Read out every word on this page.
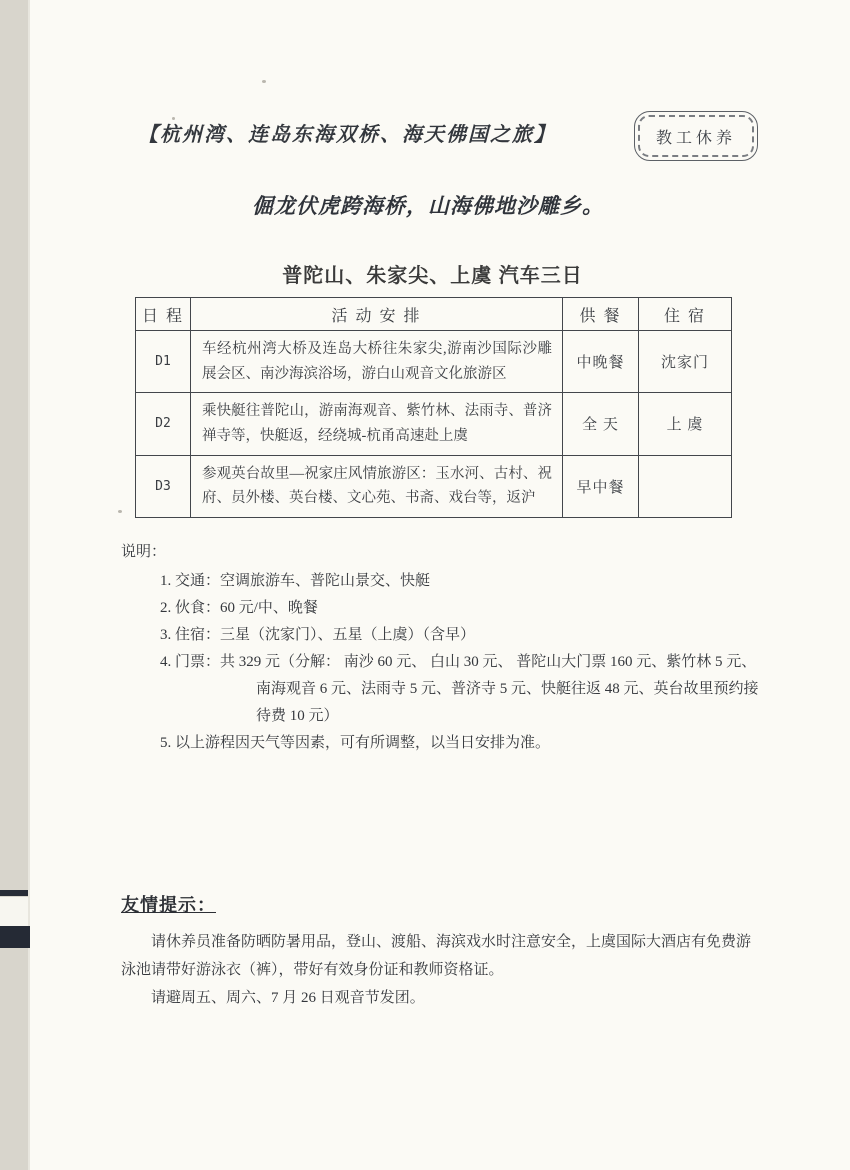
【杭州湾、连岛东海双桥、海天佛国之旅】	教工休养
倔龙伏虎跨海桥，山海佛地沙雕乡。
普陀山、朱家尖、上虞 汽车三日
日 程	活 动 安 排	供 餐	住 宿
D1	车经杭州湾大桥及连岛大桥往朱家尖,游南沙国际沙雕展会区、南沙海滨浴场，游白山观音文化旅游区	中晚餐	沈家门
D2	乘快艇往普陀山，游南海观音、紫竹林、法雨寺、普济禅寺等，快艇返，经绕城-杭甬高速赴上虞	全 天	上 虞
D3	参观英台故里—祝家庄风情旅游区：玉水河、古村、祝府、员外楼、英台楼、文心苑、书斋、戏台等，返沪	早中餐	
说明：
1. 交通：空调旅游车、普陀山景交、快艇
2. 伙食：60 元/中、晚餐
3. 住宿：三星（沈家门）、五星（上虞）（含早）
4. 门票：共 329 元（分解： 南沙 60 元、 白山 30 元、 普陀山大门票 160 元、紫竹林 5 元、 南海观音 6 元、法雨寺 5 元、普济寺 5 元、快艇往返 48 元、英台故里预约接待费 10 元）
5. 以上游程因天气等因素，可有所调整，以当日安排为准。
友情提示：

请休养员准备防晒防暑用品，登山、渡船、海滨戏水时注意安全，上虞国际大酒店有免费游泳池请带好游泳衣（裤），带好有效身份证和教师资格证。

请避周五、周六、7 月 26 日观音节发团。
